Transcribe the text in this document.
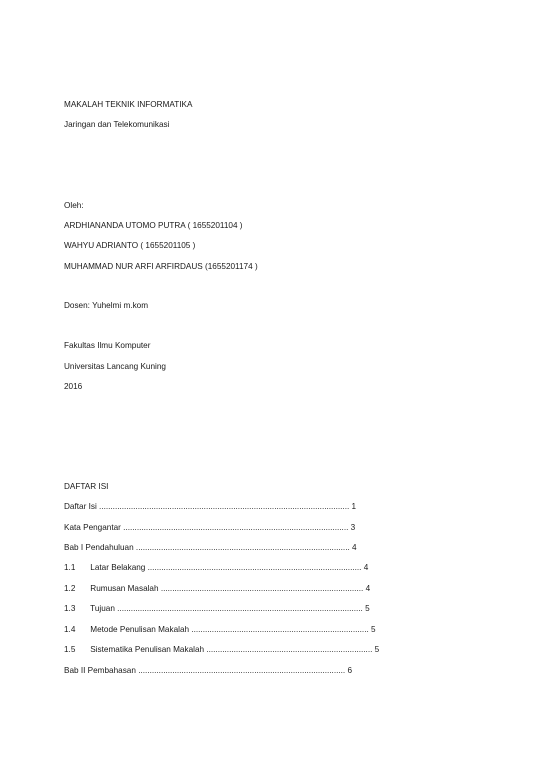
MAKALAH TEKNIK INFORMATIKA
Jaringan dan Telekomunikasi
Oleh:
ARDHIANANDA UTOMO PUTRA ( 1655201104 )
WAHYU ADRIANTO ( 1655201105 )
MUHAMMAD NUR ARFI ARFIRDAUS (1655201174 )
Dosen: Yuhelmi m.kom
Fakultas Ilmu Komputer
Universitas Lancang Kuning
2016
DAFTAR ISI
Daftar Isi .............................................................................................................. 1
Kata Pengantar ................................................................................................... 3
Bab I Pendahuluan .............................................................................................. 4
1.1 Latar Belakang .............................................................................................. 4
1.2 Rumusan Masalah ......................................................................................... 4
1.3 Tujuan ............................................................................................................ 5
1.4 Metode Penulisan Makalah .............................................................................. 5
1.5 Sistematika Penulisan Makalah ......................................................................... 5
Bab II Pembahasan ........................................................................................... 6
